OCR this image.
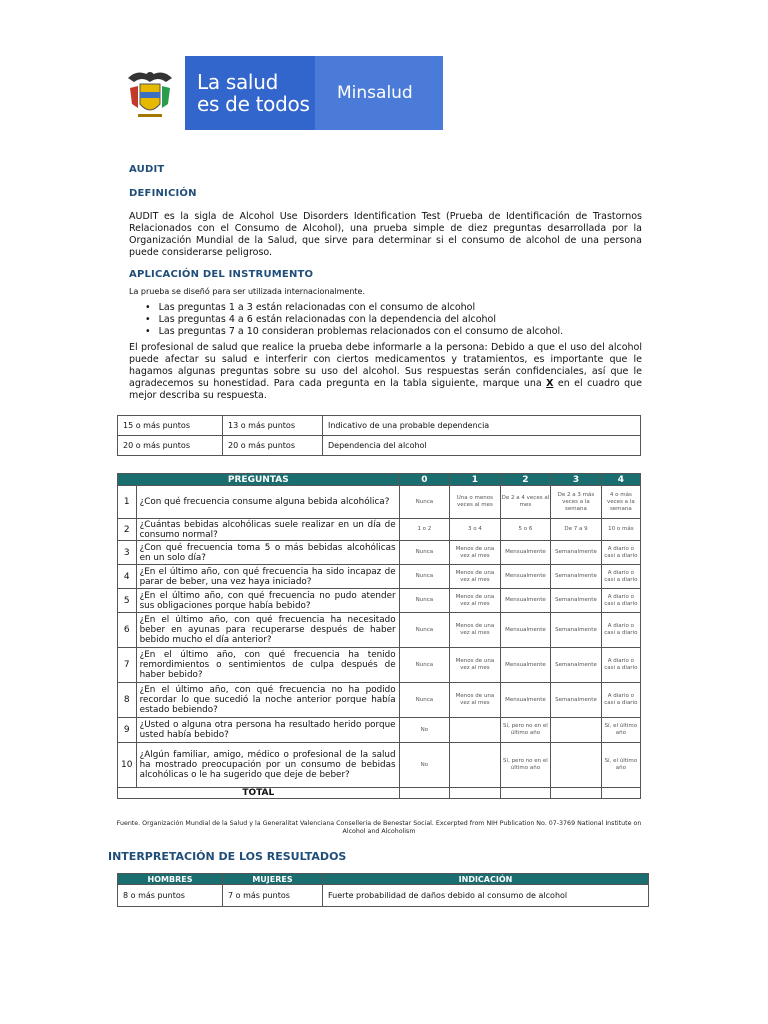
La salud
es de todos	Minsalud
AUDIT
DEFINICIÓN
AUDIT es la sigla de Alcohol Use Disorders Identification Test (Prueba de Identificación de Trastornos Relacionados con el Consumo de Alcohol), una prueba simple de diez preguntas desarrollada por la Organización Mundial de la Salud, que sirve para determinar si el consumo de alcohol de una persona puede considerarse peligroso.
APLICACIÓN DEL INSTRUMENTO
La prueba se diseñó para ser utilizada internacionalmente.
• Las preguntas 1 a 3 están relacionadas con el consumo de alcohol
• Las preguntas 4 a 6 están relacionadas con la dependencia del alcohol
• Las preguntas 7 a 10 consideran problemas relacionados con el consumo de alcohol.
El profesional de salud que realice la prueba debe informarle a la persona: Debido a que el uso del alcohol puede afectar su salud e interferir con ciertos medicamentos y tratamientos, es importante que le hagamos algunas preguntas sobre su uso del alcohol. Sus respuestas serán confidenciales, así que le agradecemos su honestidad. Para cada pregunta en la tabla siguiente, marque una X en el cuadro que mejor describa su respuesta.
15 o más puntos	13 o más puntos	Indicativo de una probable dependencia
20 o más puntos	20 o más puntos	Dependencia del alcohol
PREGUNTAS		0	1	2	3	4
1	¿Con qué frecuencia consume alguna bebida alcohólica?	Nunca	Una o menos veces al mes	De 2 a 4 veces al mes	De 2 a 3 más veces a la semana	4 o más veces a la semana
2	¿Cuántas bebidas alcohólicas suele realizar en un día de consumo normal?	1 o 2	3 o 4	5 o 6	De 7 a 9	10 o más
3	¿Con qué frecuencia toma 5 o más bebidas alcohólicas en un solo día?	Nunca	Menos de una vez al mes	Mensualmente	Semanalmente	A diario o casi a diario
4	¿En el último año, con qué frecuencia ha sido incapaz de parar de beber, una vez haya iniciado?	Nunca	Menos de una vez al mes	Mensualmente	Semanalmente	A diario o casi a diario
5	¿En el último año, con qué frecuencia no pudo atender sus obligaciones porque había bebido?	Nunca	Menos de una vez al mes	Mensualmente	Semanalmente	A diario o casi a diario
6	¿En el último año, con qué frecuencia ha necesitado beber en ayunas para recuperarse después de haber bebido mucho el día anterior?	Nunca	Menos de una vez al mes	Mensualmente	Semanalmente	A diario o casi a diario
7	¿En el último año, con qué frecuencia ha tenido remordimientos o sentimientos de culpa después de haber bebido?	Nunca	Menos de una vez al mes	Mensualmente	Semanalmente	A diario o casi a diario
8	¿En el último año, con qué frecuencia no ha podido recordar lo que sucedió la noche anterior porque había estado bebiendo?	Nunca	Menos de una vez al mes	Mensualmente	Semanalmente	A diario o casi a diario
9	¿Usted o alguna otra persona ha resultado herido porque usted había bebido?	No		Sí, pero no en el último año		Sí, el último año
10	¿Algún familiar, amigo, médico o profesional de la salud ha mostrado preocupación por un consumo de bebidas alcohólicas o le ha sugerido que deje de beber?	No		Sí, pero no en el último año		Sí, el último año
TOTAL						
Fuente. Organización Mundial de la Salud y la Generalitat Valenciana Conselleria de Benestar Social. Excerpted from NIH Publication No. 07-3769 National Institute on Alcohol and Alcoholism
INTERPRETACIÓN DE LOS RESULTADOS
HOMBRES	MUJERES	INDICACIÓN
8 o más puntos	7 o más puntos	Fuerte probabilidad de daños debido al consumo de alcohol
